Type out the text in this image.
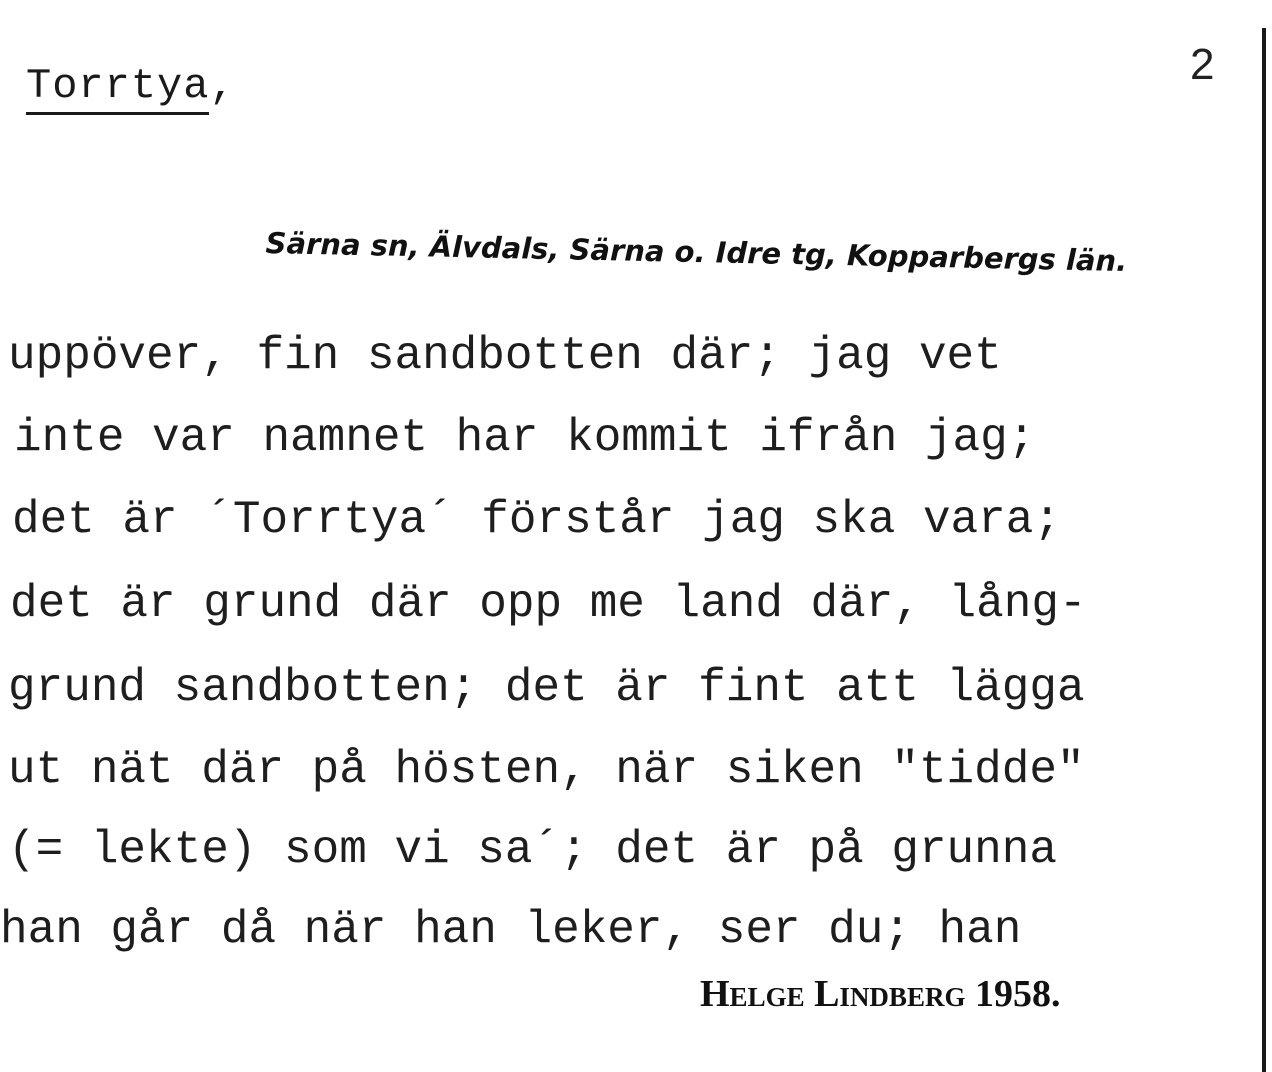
2
Torrtya,
Särna sn, Älvdals, Särna o. Idre tg, Kopparbergs län.
uppöver, fin sandbotten där; jag vet
inte var namnet har kommit ifrån jag;
det är ´Torrtya´ förstår jag ska vara;
det är grund där opp me land där, lång-
grund sandbotten; det är fint att lägga
ut nät där på hösten, när siken "tidde"
(= lekte) som vi sa´; det är på grunna
han går då när han leker, ser du; han
Helge Lindberg 1958.
